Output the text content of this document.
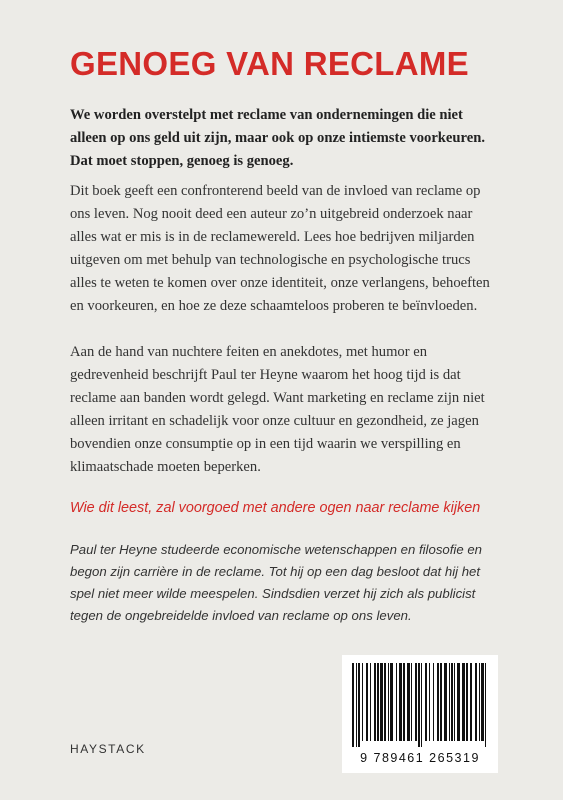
GENOEG VAN RECLAME

We worden overstelpt met reclame van ondernemingen die niet alleen op ons geld uit zijn, maar ook op onze intiemste voorkeuren. Dat moet stoppen, genoeg is genoeg.

Dit boek geeft een confronterend beeld van de invloed van reclame op ons leven. Nog nooit deed een auteur zo’n uitgebreid onderzoek naar alles wat er mis is in de reclamewereld. Lees hoe bedrijven miljarden uitgeven om met behulp van technologische en psychologische trucs alles te weten te komen over onze identiteit, onze verlangens, behoeften en voorkeuren, en hoe ze deze schaamteloos proberen te beïnvloeden.

Aan de hand van nuchtere feiten en anekdotes, met humor en gedrevenheid beschrijft Paul ter Heyne waarom het hoog tijd is dat reclame aan banden wordt gelegd. Want marketing en reclame zijn niet alleen irritant en schadelijk voor onze cultuur en gezondheid, ze jagen bovendien onze consumptie op in een tijd waarin we verspilling en klimaatschade moeten beperken.

Wie dit leest, zal voorgoed met andere ogen naar reclame kijken

Paul ter Heyne studeerde economische wetenschappen en filosofie en begon zijn carrière in de reclame. Tot hij op een dag besloot dat hij het spel niet meer wilde meespelen. Sindsdien verzet hij zich als publicist tegen de ongebreidelde invloed van reclame op ons leven.

HAYSTACK
9 789461 265319
